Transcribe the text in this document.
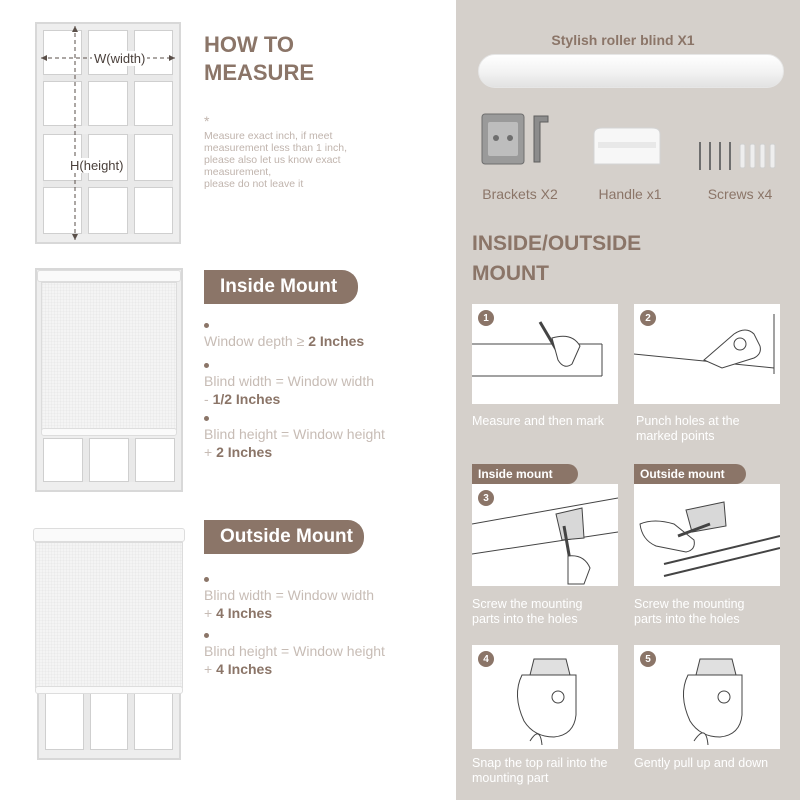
W(width)
H(height)
HOW TO
MEASURE
*
Measure exact inch, if meet
measurement less than 1 inch,
please also let us know exact
measurement,
please do not leave it
Inside Mount
Window depth ≥ 2 Inches
Blind width = Window width
- 1/2 Inches
Blind height = Window height
+ 2 Inches
Outside Mount
Blind width = Window width
+ 4 Inches
Blind height = Window height
+ 4 Inches
Stylish roller blind X1
Brackets X2	Handle x1	Screws x4
INSIDE/OUTSIDE
MOUNT
1
Measure and then mark
2
Punch holes at the
marked points
Inside mount	Outside mount
3
Screw the mounting
parts into the holes
Screw the mounting
parts into the holes
4
Snap the top rail into the
mounting part
5
Gently pull up and down
